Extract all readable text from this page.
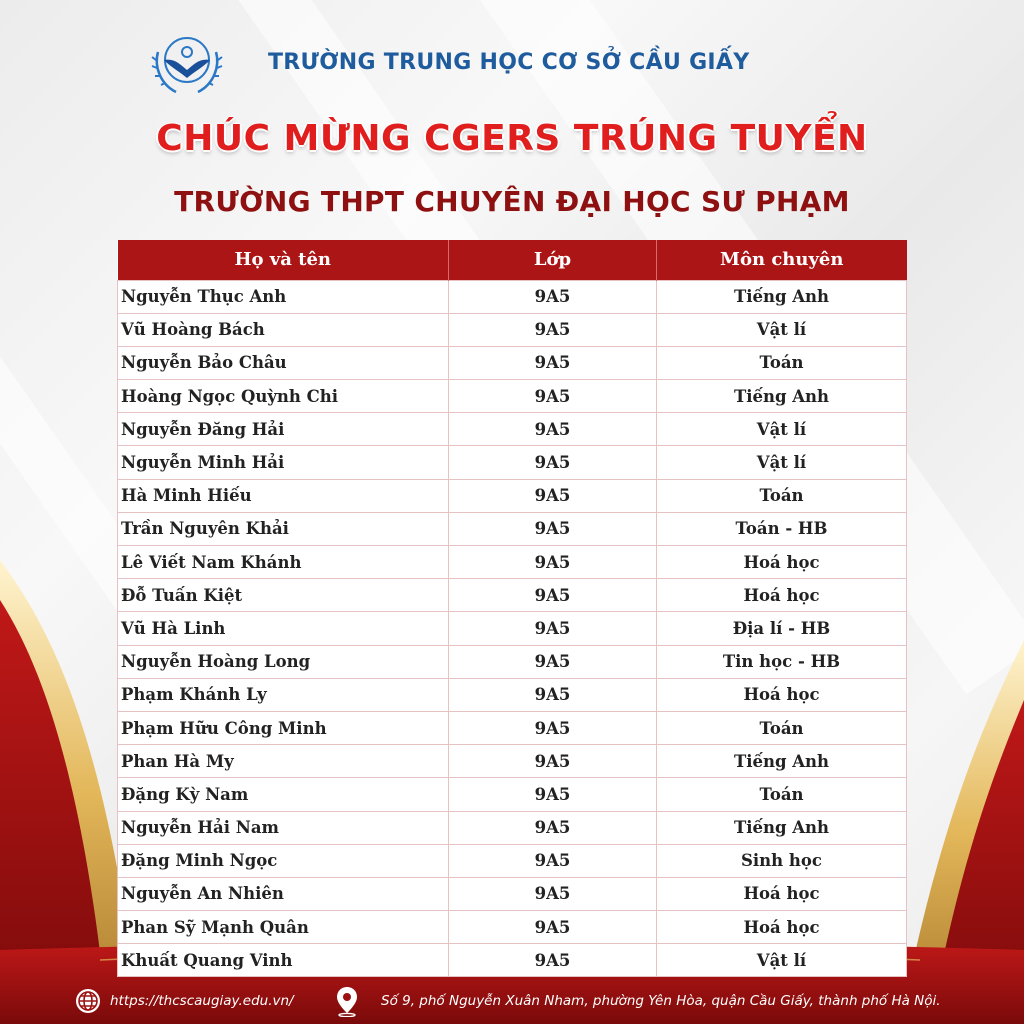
TRƯỜNG TRUNG HỌC CƠ SỞ CẦU GIẤY
CHÚC MỪNG CGERS TRÚNG TUYỂN
TRƯỜNG THPT CHUYÊN ĐẠI HỌC SƯ PHẠM
Họ và tên	Lớp	Môn chuyên
Nguyễn Thục Anh	9A5	Tiếng Anh
Vũ Hoàng Bách	9A5	Vật lí
Nguyễn Bảo Châu	9A5	Toán
Hoàng Ngọc Quỳnh Chi	9A5	Tiếng Anh
Nguyễn Đăng Hải	9A5	Vật lí
Nguyễn Minh Hải	9A5	Vật lí
Hà Minh Hiếu	9A5	Toán
Trần Nguyên Khải	9A5	Toán - HB
Lê Viết Nam Khánh	9A5	Hoá học
Đỗ Tuấn Kiệt	9A5	Hoá học
Vũ Hà Linh	9A5	Địa lí - HB
Nguyễn Hoàng Long	9A5	Tin học - HB
Phạm Khánh Ly	9A5	Hoá học
Phạm Hữu Công Minh	9A5	Toán
Phan Hà My	9A5	Tiếng Anh
Đặng Kỳ Nam	9A5	Toán
Nguyễn Hải Nam	9A5	Tiếng Anh
Đặng Minh Ngọc	9A5	Sinh học
Nguyễn An Nhiên	9A5	Hoá học
Phan Sỹ Mạnh Quân	9A5	Hoá học
Khuất Quang Vinh	9A5	Vật lí
https://thcscaugiay.edu.vn/	Số 9, phố Nguyễn Xuân Nham, phường Yên Hòa, quận Cầu Giấy, thành phố Hà Nội.
